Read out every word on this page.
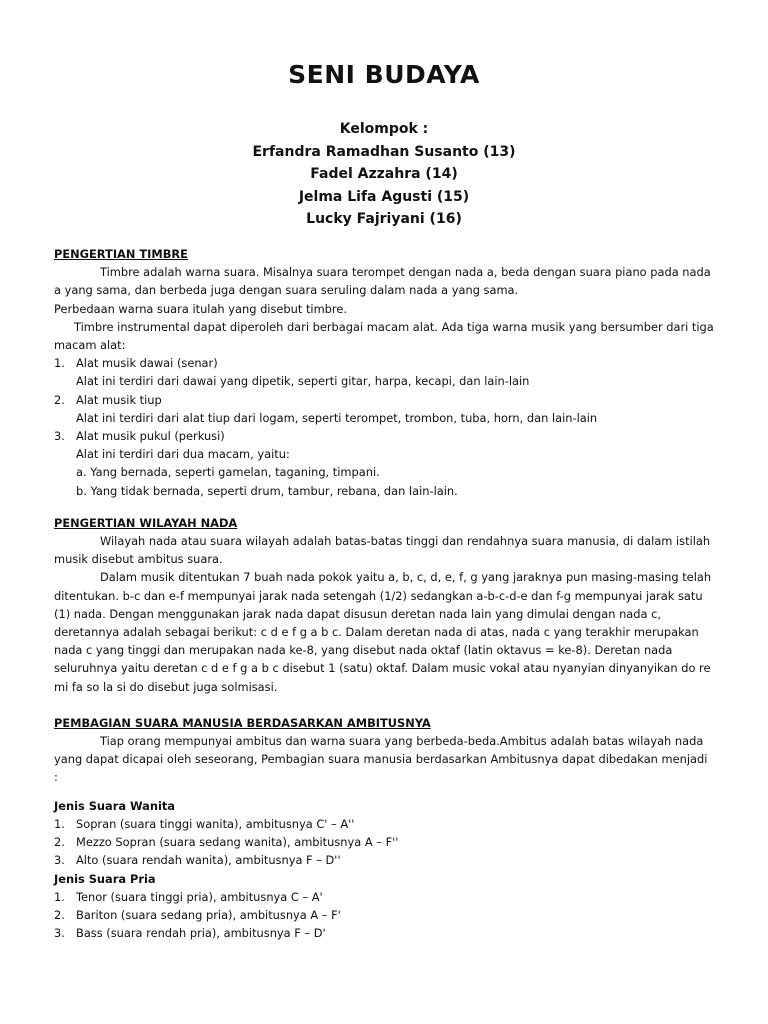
SENI BUDAYA
Kelompok :
Erfandra Ramadhan Susanto (13)
Fadel Azzahra (14)
Jelma Lifa Agusti (15)
Lucky Fajriyani (16)

PENGERTIAN TIMBRE

Timbre adalah warna suara. Misalnya suara terompet dengan nada a, beda dengan suara piano pada nada a yang sama, dan berbeda juga dengan suara seruling dalam nada a yang sama.

Perbedaan warna suara itulah yang disebut timbre.

Timbre instrumental dapat diperoleh dari berbagai macam alat. Ada tiga warna musik yang bersumber dari tiga macam alat:

1. Alat musik dawai (senar)
Alat ini terdiri dari dawai yang dipetik, seperti gitar, harpa, kecapi, dan lain-lain
2. Alat musik tiup
Alat ini terdiri dari alat tiup dari logam, seperti terompet, trombon, tuba, horn, dan lain-lain
3. Alat musik pukul (perkusi)
Alat ini terdiri dari dua macam, yaitu:
a. Yang bernada, seperti gamelan, taganing, timpani.
b. Yang tidak bernada, seperti drum, tambur, rebana, dan lain-lain.

PENGERTIAN WILAYAH NADA

Wilayah nada atau suara wilayah adalah batas-batas tinggi dan rendahnya suara manusia, di dalam istilah musik disebut ambitus suara.

Dalam musik ditentukan 7 buah nada pokok yaitu a, b, c, d, e, f, g yang jaraknya pun masing-masing telah ditentukan. b-c dan e-f mempunyai jarak nada setengah (1/2) sedangkan a-b-c-d-e dan f-g mempunyai jarak satu (1) nada. Dengan menggunakan jarak nada dapat disusun deretan nada lain yang dimulai dengan nada c, deretannya adalah sebagai berikut: c d e f g a b c. Dalam deretan nada di atas, nada c yang terakhir merupakan nada c yang tinggi dan merupakan nada ke-8, yang disebut nada oktaf (latin oktavus = ke-8). Deretan nada seluruhnya yaitu deretan c d e f g a b c disebut 1 (satu) oktaf. Dalam music vokal atau nyanyian dinyanyikan do re mi fa so la si do disebut juga solmisasi.

PEMBAGIAN SUARA MANUSIA BERDASARKAN AMBITUSNYA

Tiap orang mempunyai ambitus dan warna suara yang berbeda-beda.Ambitus adalah batas wilayah nada yang dapat dicapai oleh seseorang, Pembagian suara manusia berdasarkan Ambitusnya dapat dibedakan menjadi :

Jenis Suara Wanita

1. Sopran (suara tinggi wanita), ambitusnya C' – A''
2. Mezzo Sopran (suara sedang wanita), ambitusnya A – F''
3. Alto (suara rendah wanita), ambitusnya F – D''

Jenis Suara Pria

1. Tenor (suara tinggi pria), ambitusnya C – A'
2. Bariton (suara sedang pria), ambitusnya A – F'
3. Bass (suara rendah pria), ambitusnya F – D'
